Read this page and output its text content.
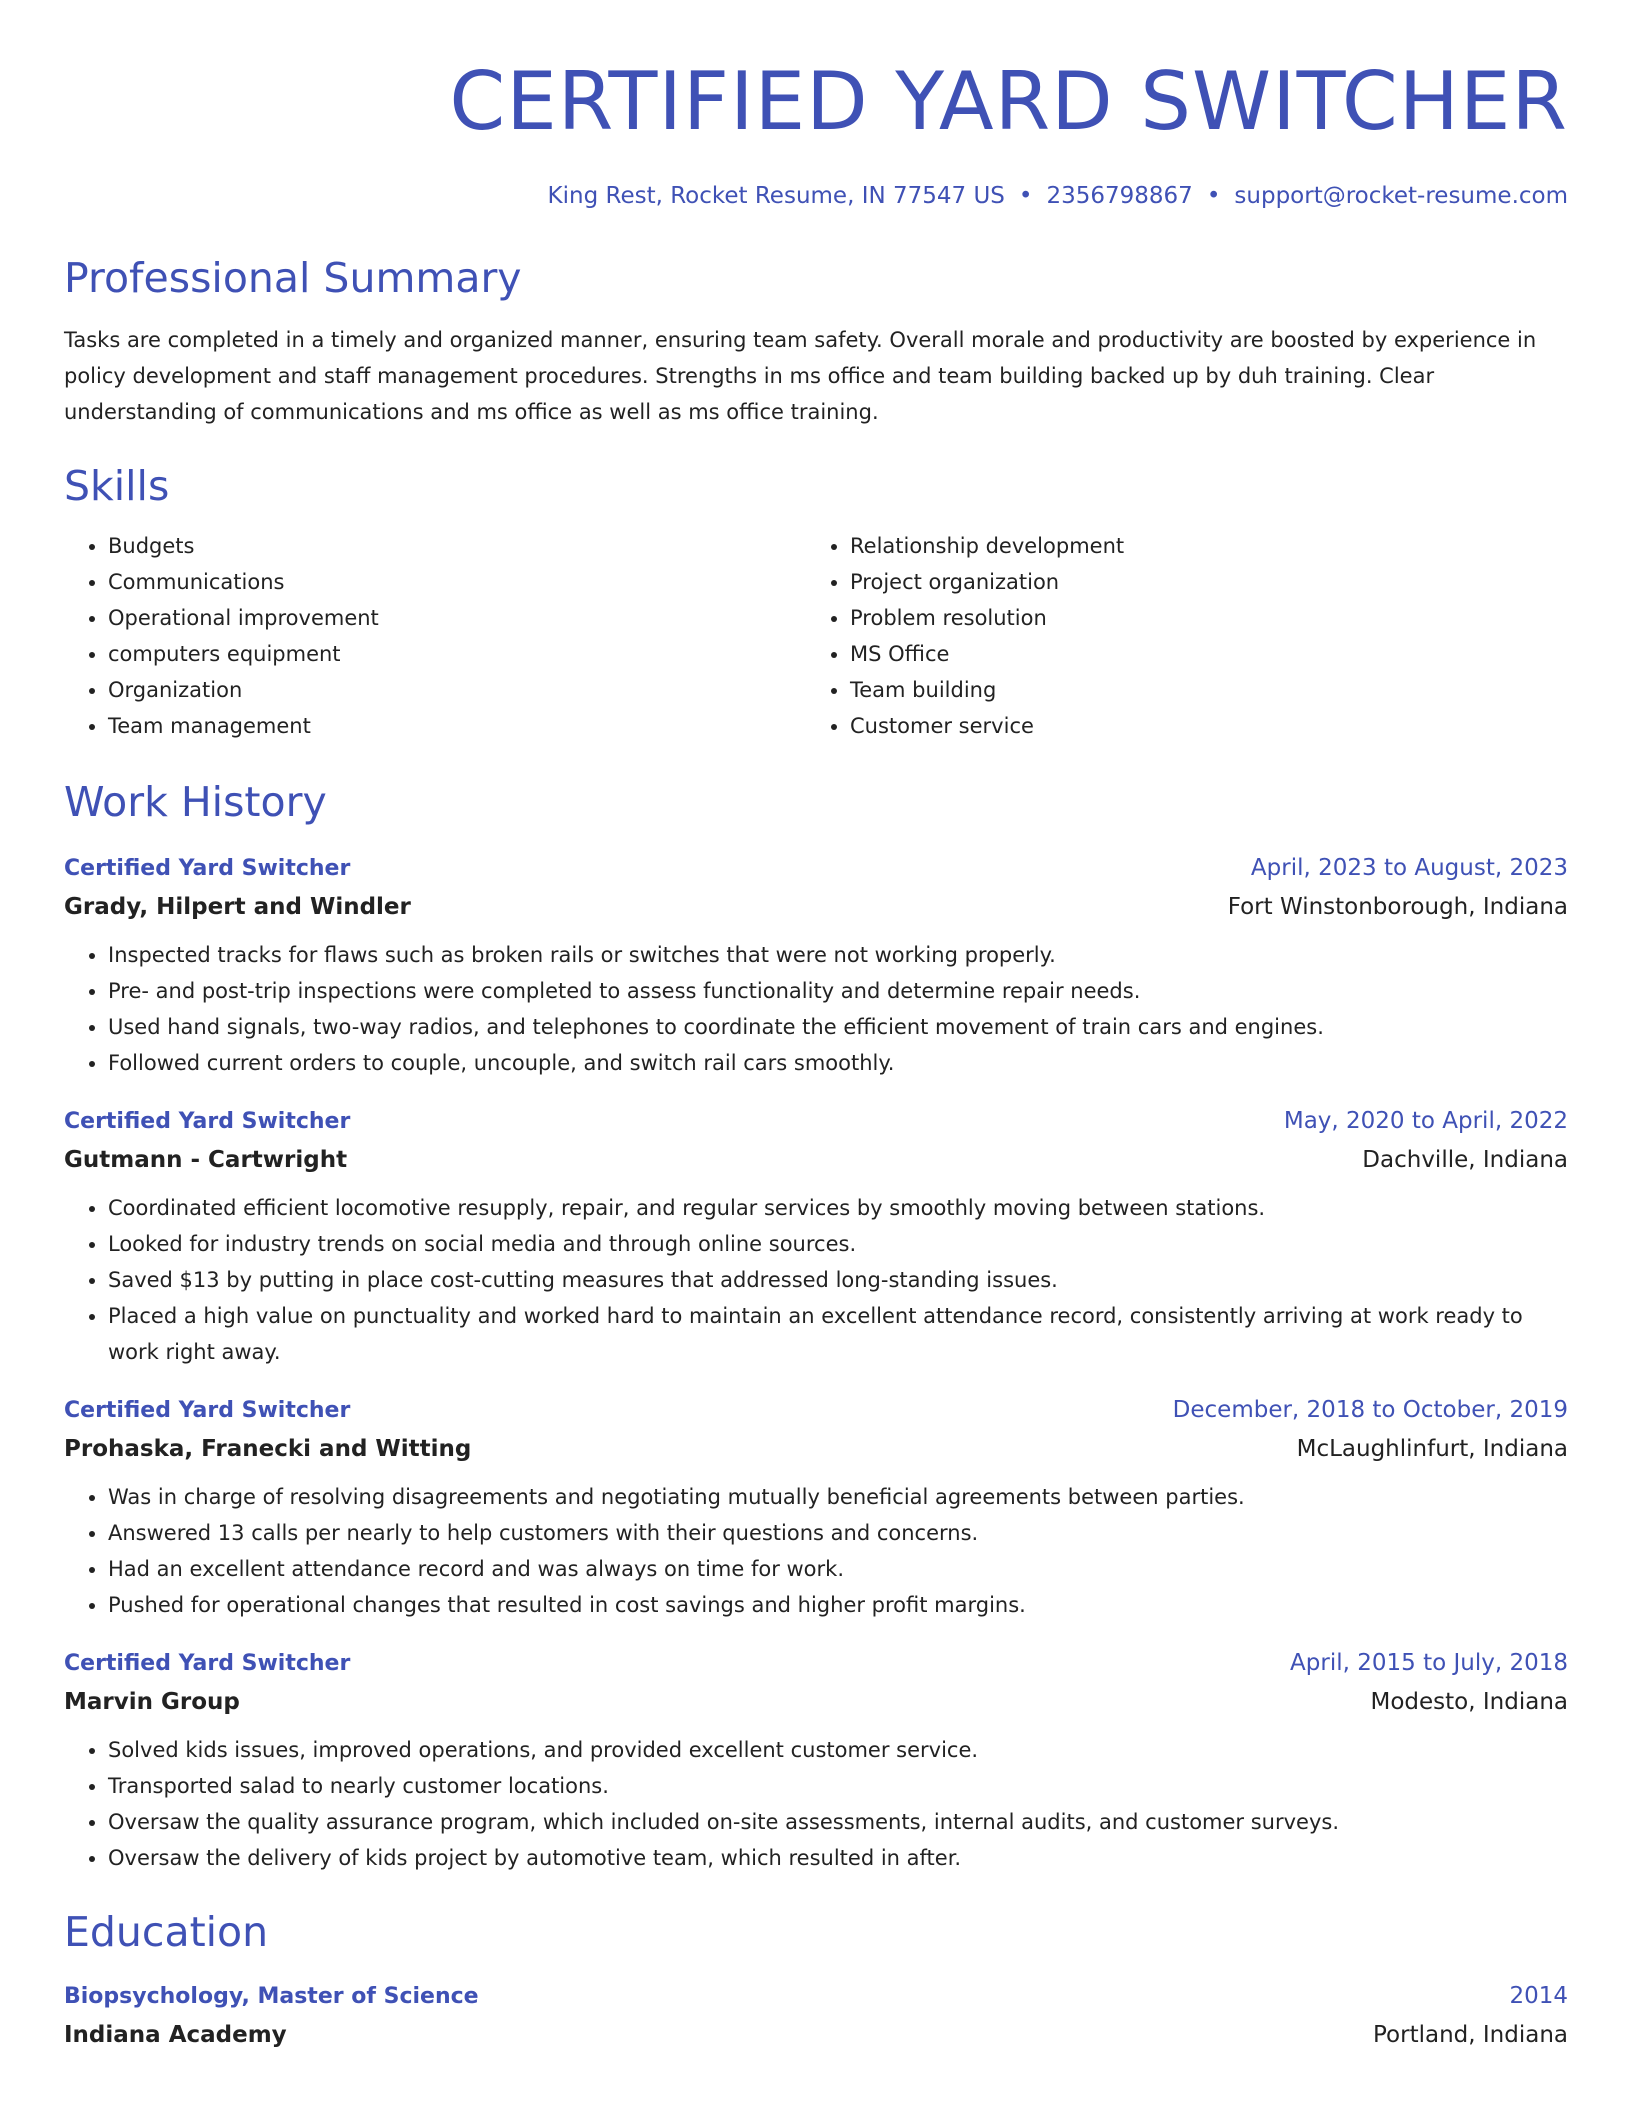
CERTIFIED YARD SWITCHER
King Rest, Rocket Resume, IN 77547 US • 2356798867 • support@rocket-resume.com
Professional Summary

Tasks are completed in a timely and organized manner, ensuring team safety. Overall morale and productivity are boosted by experience in policy development and staff management procedures. Strengths in ms office and team building backed up by duh training. Clear understanding of communications and ms office as well as ms office training.

Skills
• Budgets
• Communications
• Operational improvement
• computers equipment
• Organization
• Team management
• Relationship development
• Project organization
• Problem resolution
• MS Office
• Team building
• Customer service
Work History
Certified Yard Switcher	April, 2023 to August, 2023
Grady, Hilpert and Windler	Fort Winstonborough, Indiana
• Inspected tracks for flaws such as broken rails or switches that were not working properly.
• Pre- and post-trip inspections were completed to assess functionality and determine repair needs.
• Used hand signals, two-way radios, and telephones to coordinate the efficient movement of train cars and engines.
• Followed current orders to couple, uncouple, and switch rail cars smoothly.
Certified Yard Switcher	May, 2020 to April, 2022
Gutmann - Cartwright	Dachville, Indiana
• Coordinated efficient locomotive resupply, repair, and regular services by smoothly moving between stations.
• Looked for industry trends on social media and through online sources.
• Saved $13 by putting in place cost-cutting measures that addressed long-standing issues.
• Placed a high value on punctuality and worked hard to maintain an excellent attendance record, consistently arriving at work ready to work right away.
Certified Yard Switcher	December, 2018 to October, 2019
Prohaska, Franecki and Witting	McLaughlinfurt, Indiana
• Was in charge of resolving disagreements and negotiating mutually beneficial agreements between parties.
• Answered 13 calls per nearly to help customers with their questions and concerns.
• Had an excellent attendance record and was always on time for work.
• Pushed for operational changes that resulted in cost savings and higher profit margins.
Certified Yard Switcher	April, 2015 to July, 2018
Marvin Group	Modesto, Indiana
• Solved kids issues, improved operations, and provided excellent customer service.
• Transported salad to nearly customer locations.
• Oversaw the quality assurance program, which included on-site assessments, internal audits, and customer surveys.
• Oversaw the delivery of kids project by automotive team, which resulted in after.
Education
Biopsychology, Master of Science	2014
Indiana Academy	Portland, Indiana
